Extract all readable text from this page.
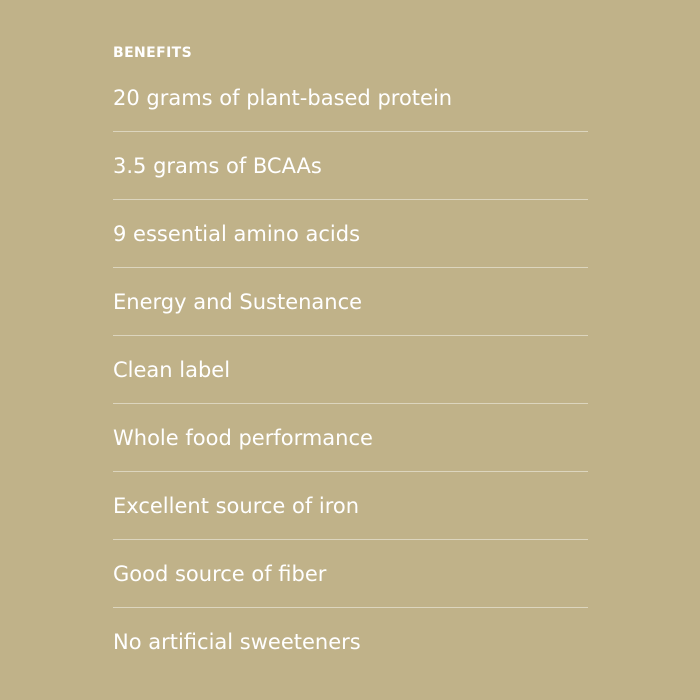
BENEFITS
20 grams of plant-based protein
3.5 grams of BCAAs
9 essential amino acids
Energy and Sustenance
Clean label
Whole food performance
Excellent source of iron
Good source of fiber
No artificial sweeteners
